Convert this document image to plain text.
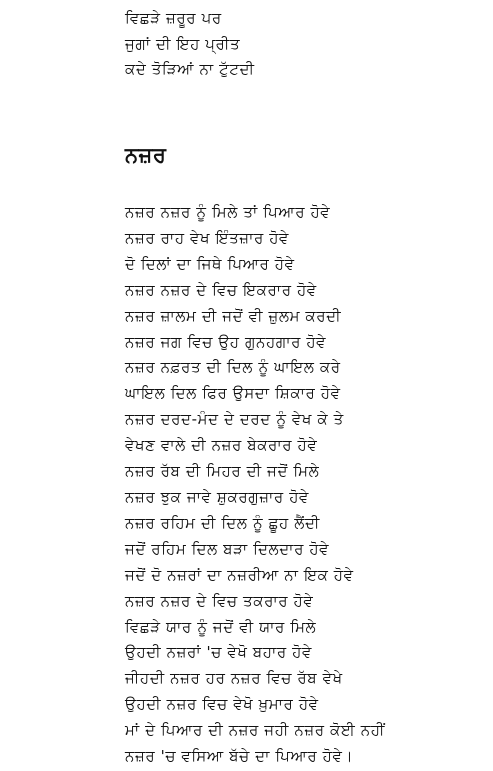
ਵਿਛੜੇ ਜ਼ਰੂਰ ਪਰ
ਜੁਗਾਂ ਦੀ ਇਹ ਪ੍ਰੀਤ
ਕਦੇ ਤੋੜਿਆਂ ਨਾ ਟੁੱਟਦੀ
ਨਜ਼ਰ
ਨਜ਼ਰ ਨਜ਼ਰ ਨੂੰ ਮਿਲੇ ਤਾਂ ਪਿਆਰ ਹੋਵੇ
ਨਜ਼ਰ ਰਾਹ ਵੇਖ ਇੰਤਜ਼ਾਰ ਹੋਵੇ
ਦੋ ਦਿਲਾਂ ਦਾ ਜਿਥੇ ਪਿਆਰ ਹੋਵੇ
ਨਜ਼ਰ ਨਜ਼ਰ ਦੇ ਵਿਚ ਇਕਰਾਰ ਹੋਵੇ
ਨਜ਼ਰ ਜ਼ਾਲਮ ਦੀ ਜਦੋਂ ਵੀ ਜ਼ੁਲਮ ਕਰਦੀ
ਨਜ਼ਰ ਜਗ ਵਿਚ ਉਹ ਗੁਨਹਗਾਰ ਹੋਵੇ
ਨਜ਼ਰ ਨਫ਼ਰਤ ਦੀ ਦਿਲ ਨੂੰ ਘਾਇਲ ਕਰੇ
ਘਾਇਲ ਦਿਲ ਫਿਰ ਉਸਦਾ ਸ਼ਿਕਾਰ ਹੋਵੇ
ਨਜ਼ਰ ਦਰਦ-ਮੰਦ ਦੇ ਦਰਦ ਨੂੰ ਵੇਖ ਕੇ ਤੇ
ਵੇਖਣ ਵਾਲੇ ਦੀ ਨਜ਼ਰ ਬੇਕਰਾਰ ਹੋਵੇ
ਨਜ਼ਰ ਰੱਬ ਦੀ ਮਿਹਰ ਦੀ ਜਦੋਂ ਮਿਲੇ
ਨਜ਼ਰ ਝੁਕ ਜਾਵੇ ਸ਼ੁਕਰਗੁਜ਼ਾਰ ਹੋਵੇ
ਨਜ਼ਰ ਰਹਿਮ ਦੀ ਦਿਲ ਨੂੰ ਛੂਹ ਲੈਂਦੀ
ਜਦੋਂ ਰਹਿਮ ਦਿਲ ਬੜਾ ਦਿਲਦਾਰ ਹੋਵੇ
ਜਦੋਂ ਦੋ ਨਜ਼ਰਾਂ ਦਾ ਨਜ਼ਰੀਆ ਨਾ ਇਕ ਹੋਵੇ
ਨਜ਼ਰ ਨਜ਼ਰ ਦੇ ਵਿਚ ਤਕਰਾਰ ਹੋਵੇ
ਵਿਛੜੇ ਯਾਰ ਨੂੰ ਜਦੋਂ ਵੀ ਯਾਰ ਮਿਲੇ
ਉਹਦੀ ਨਜ਼ਰਾਂ 'ਚ ਵੇਖੋ ਬਹਾਰ ਹੋਵੇ
ਜੀਹਦੀ ਨਜ਼ਰ ਹਰ ਨਜ਼ਰ ਵਿਚ ਰੱਬ ਵੇਖੇ
ਉਹਦੀ ਨਜ਼ਰ ਵਿਚ ਵੇਖੋ ਖ਼ੁਮਾਰ ਹੋਵੇ
ਮਾਂ ਦੇ ਪਿਆਰ ਦੀ ਨਜ਼ਰ ਜਹੀ ਨਜ਼ਰ ਕੋਈ ਨਹੀਂ
ਨਜ਼ਰ 'ਚ ਵਸਿਆ ਬੱਚੇ ਦਾ ਪਿਆਰ ਹੋਵੇ।
